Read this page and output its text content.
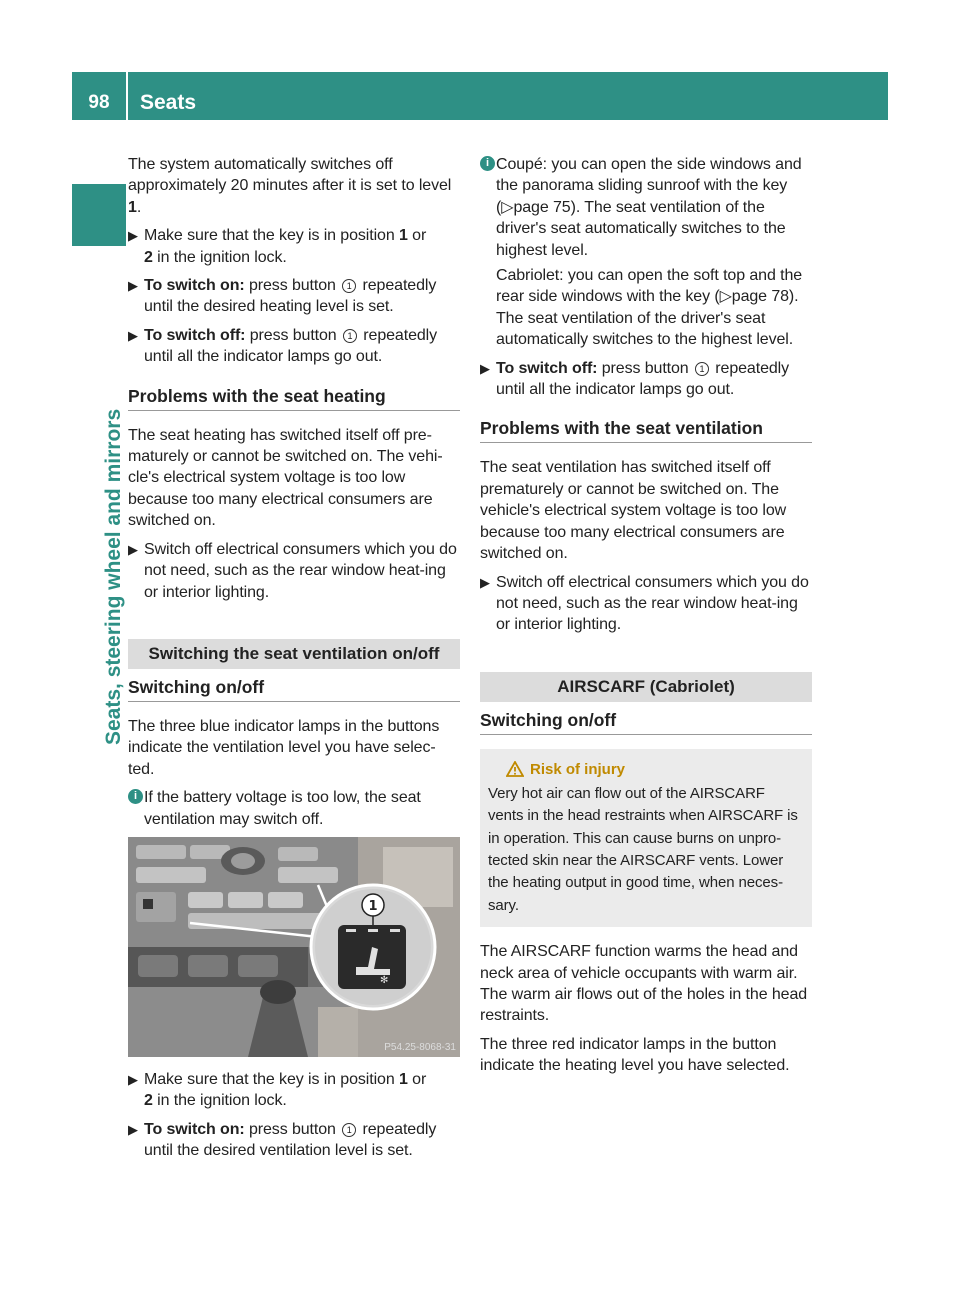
98	Seats
Seats, steering wheel and mirrors

The system automatically switches off approximately 20 minutes after it is set to level 1.

▶ Make sure that the key is in position 1 or
2 in the ignition lock.

▶ To switch on: press button 1 repeatedly until the desired heating level is set.

▶ To switch off: press button 1 repeatedly until all the indicator lamps go out.

Problems with the seat heating

The seat heating has switched itself off pre-maturely or cannot be switched on. The vehi-cle's electrical system voltage is too low because too many electrical consumers are switched on.

▶ Switch off electrical consumers which you do not need, such as the rear window heat-ing or interior lighting.

Switching the seat ventilation on/off
Switching on/off

The three blue indicator lamps in the buttons indicate the ventilation level you have selec-ted.

i If the battery voltage is too low, the seat ventilation may switch off.

✻
1
P54.25-8068-31

▶ Make sure that the key is in position 1 or
2 in the ignition lock.

▶ To switch on: press button 1 repeatedly until the desired ventilation level is set.

i Coupé: you can open the side windows and the panorama sliding sunroof with the key (▷page 75). The seat ventilation of the driver's seat automatically switches to the highest level.

Cabriolet: you can open the soft top and the rear side windows with the key (▷page 78). The seat ventilation of the driver's seat automatically switches to the highest level.

▶ To switch off: press button 1 repeatedly until all the indicator lamps go out.

Problems with the seat ventilation

The seat ventilation has switched itself off prematurely or cannot be switched on. The vehicle's electrical system voltage is too low because too many electrical consumers are switched on.

▶ Switch off electrical consumers which you do not need, such as the rear window heat-ing or interior lighting.

AIRSCARF (Cabriolet)
Switching on/off
Risk of injury

Very hot air can flow out of the AIRSCARF vents in the head restraints when AIRSCARF is in operation. This can cause burns on unpro-tected skin near the AIRSCARF vents. Lower the heating output in good time, when neces-sary.

The AIRSCARF function warms the head and neck area of vehicle occupants with warm air. The warm air flows out of the holes in the head restraints.

The three red indicator lamps in the button indicate the heating level you have selected.
